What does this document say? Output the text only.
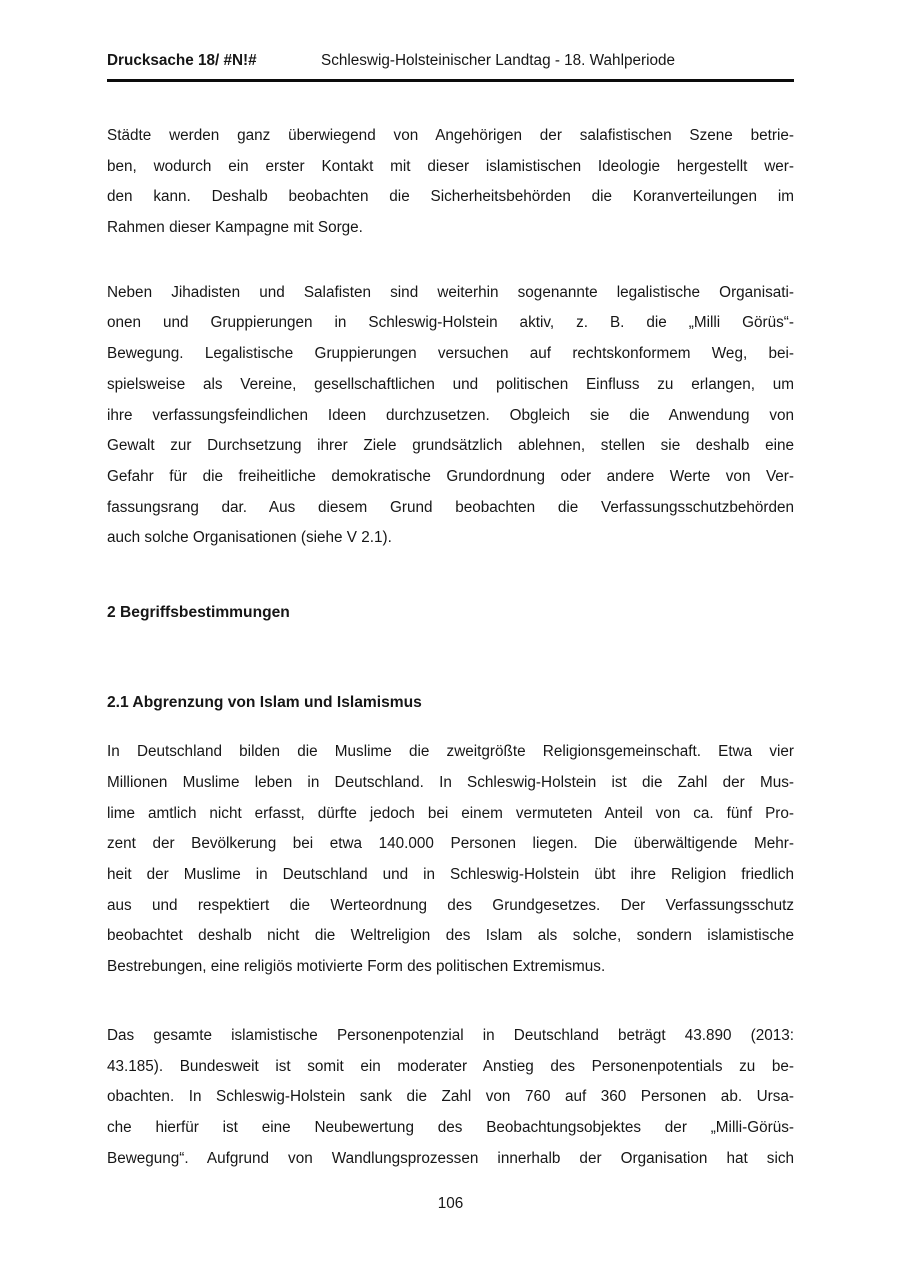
Drucksache 18/ #N!#	Schleswig-Holsteinischer Landtag - 18. Wahlperiode
Städte werden ganz überwiegend von Angehörigen der salafistischen Szene betrie-
ben, wodurch ein erster Kontakt mit dieser islamistischen Ideologie hergestellt wer-
den kann. Deshalb beobachten die Sicherheitsbehörden die Koranverteilungen im
Rahmen dieser Kampagne mit Sorge.
Neben Jihadisten und Salafisten sind weiterhin sogenannte legalistische Organisati-
onen und Gruppierungen in Schleswig-Holstein aktiv, z. B. die „Milli Görüs“-
Bewegung. Legalistische Gruppierungen versuchen auf rechtskonformem Weg, bei-
spielsweise als Vereine, gesellschaftlichen und politischen Einfluss zu erlangen, um
ihre verfassungsfeindlichen Ideen durchzusetzen. Obgleich sie die Anwendung von
Gewalt zur Durchsetzung ihrer Ziele grundsätzlich ablehnen, stellen sie deshalb eine
Gefahr für die freiheitliche demokratische Grundordnung oder andere Werte von Ver-
fassungsrang dar. Aus diesem Grund beobachten die Verfassungsschutzbehörden
auch solche Organisationen (siehe V 2.1).
2 Begriffsbestimmungen
2.1 Abgrenzung von Islam und Islamismus
In Deutschland bilden die Muslime die zweitgrößte Religionsgemeinschaft. Etwa vier
Millionen Muslime leben in Deutschland. In Schleswig-Holstein ist die Zahl der Mus-
lime amtlich nicht erfasst, dürfte jedoch bei einem vermuteten Anteil von ca. fünf Pro-
zent der Bevölkerung bei etwa 140.000 Personen liegen. Die überwältigende Mehr-
heit der Muslime in Deutschland und in Schleswig-Holstein übt ihre Religion friedlich
aus und respektiert die Werteordnung des Grundgesetzes. Der Verfassungsschutz
beobachtet deshalb nicht die Weltreligion des Islam als solche, sondern islamistische
Bestrebungen, eine religiös motivierte Form des politischen Extremismus.
Das gesamte islamistische Personenpotenzial in Deutschland beträgt 43.890 (2013:
43.185). Bundesweit ist somit ein moderater Anstieg des Personenpotentials zu be-
obachten. In Schleswig-Holstein sank die Zahl von 760 auf 360 Personen ab. Ursa-
che hierfür ist eine Neubewertung des Beobachtungsobjektes der „Milli-Görüs-
Bewegung“. Aufgrund von Wandlungsprozessen innerhalb der Organisation hat sich
106
